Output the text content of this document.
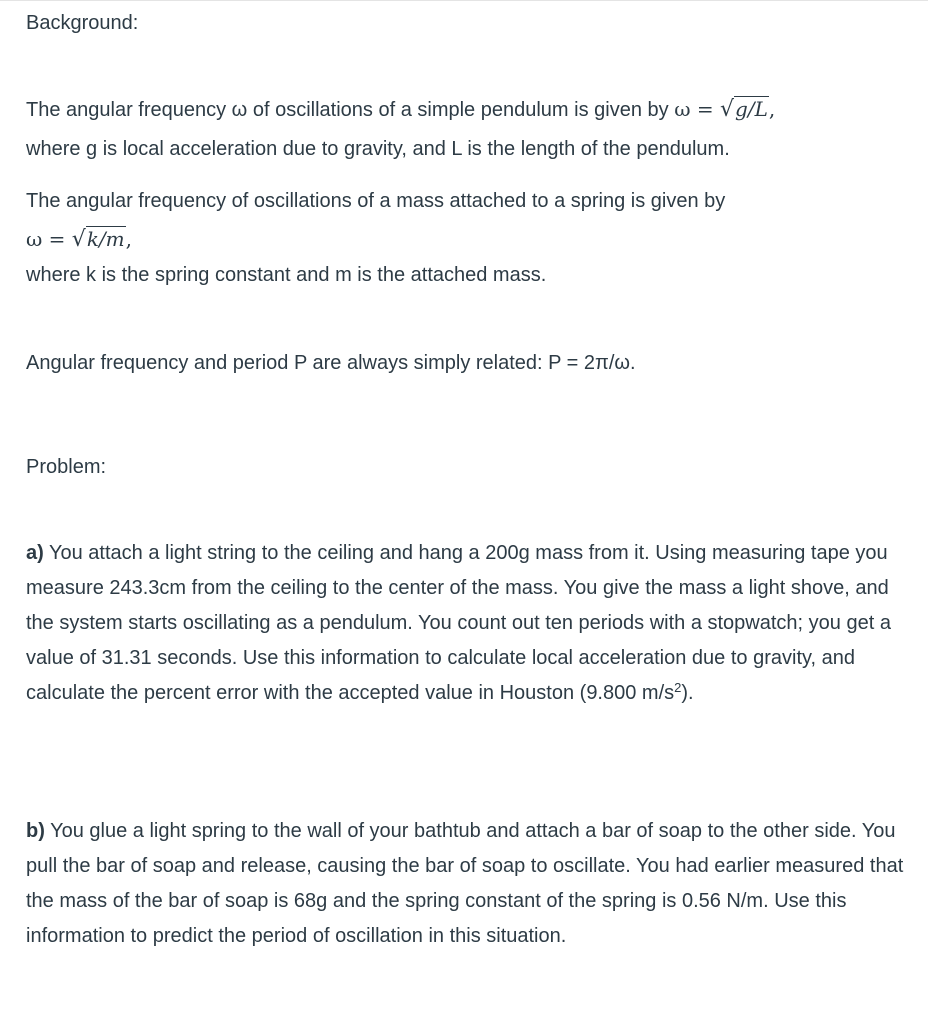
Background:

The angular frequency ω of oscillations of a simple pendulum is given by ω = √g/L,

where g is local acceleration due to gravity, and L is the length of the pendulum.

The angular frequency of oscillations of a mass attached to a spring is given by

ω = √k/m,

where k is the spring constant and m is the attached mass.

Angular frequency and period P are always simply related: P = 2π/ω.

Problem:

a) You attach a light string to the ceiling and hang a 200g mass from it. Using measuring tape you measure 243.3cm from the ceiling to the center of the mass. You give the mass a light shove, and the system starts oscillating as a pendulum. You count out ten periods with a stopwatch; you get a value of 31.31 seconds. Use this information to calculate local acceleration due to gravity, and calculate the percent error with the accepted value in Houston (9.800 $m/s^2$).

b) You glue a light spring to the wall of your bathtub and attach a bar of soap to the other side. You pull the bar of soap and release, causing the bar of soap to oscillate. You had earlier measured that the mass of the bar of soap is 68g and the spring constant of the spring is 0.56 N/m. Use this information to predict the period of oscillation in this situation.
